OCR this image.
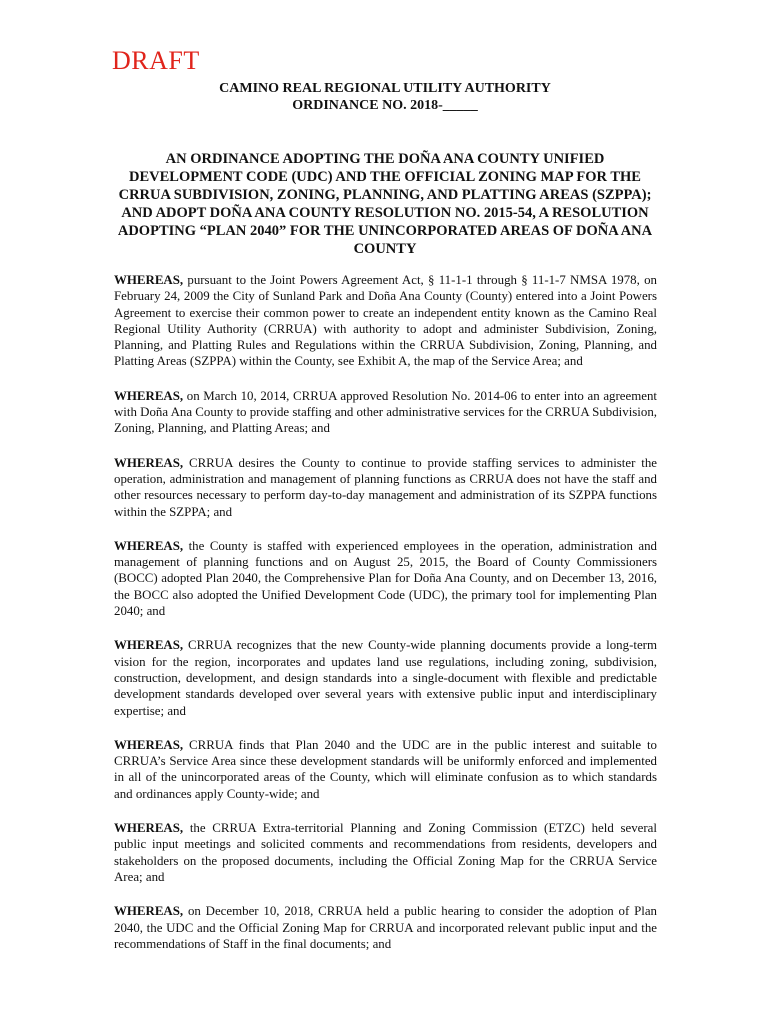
DRAFT
CAMINO REAL REGIONAL UTILITY AUTHORITY
ORDINANCE NO. 2018-_____
AN ORDINANCE ADOPTING THE DOÑA ANA COUNTY UNIFIED DEVELOPMENT CODE (UDC) AND THE OFFICIAL ZONING MAP FOR THE CRRUA SUBDIVISION, ZONING, PLANNING, AND PLATTING AREAS (SZPPA); AND ADOPT DOÑA ANA COUNTY RESOLUTION NO. 2015-54, A RESOLUTION ADOPTING “PLAN 2040” FOR THE UNINCORPORATED AREAS OF DOÑA ANA COUNTY

WHEREAS, pursuant to the Joint Powers Agreement Act, § 11-1-1 through § 11-1-7 NMSA 1978, on February 24, 2009 the City of Sunland Park and Doña Ana County (County) entered into a Joint Powers Agreement to exercise their common power to create an independent entity known as the Camino Real Regional Utility Authority (CRRUA) with authority to adopt and administer Subdivision, Zoning, Planning, and Platting Rules and Regulations within the CRRUA Subdivision, Zoning, Planning, and Platting Areas (SZPPA) within the County, see Exhibit A, the map of the Service Area; and

WHEREAS, on March 10, 2014, CRRUA approved Resolution No. 2014-06 to enter into an agreement with Doña Ana County to provide staffing and other administrative services for the CRRUA Subdivision, Zoning, Planning, and Platting Areas; and

WHEREAS, CRRUA desires the County to continue to provide staffing services to administer the operation, administration and management of planning functions as CRRUA does not have the staff and other resources necessary to perform day-to-day management and administration of its SZPPA functions within the SZPPA; and

WHEREAS, the County is staffed with experienced employees in the operation, administration and management of planning functions and on August 25, 2015, the Board of County Commissioners (BOCC) adopted Plan 2040, the Comprehensive Plan for Doña Ana County, and on December 13, 2016, the BOCC also adopted the Unified Development Code (UDC), the primary tool for implementing Plan 2040; and

WHEREAS, CRRUA recognizes that the new County-wide planning documents provide a long-term vision for the region, incorporates and updates land use regulations, including zoning, subdivision, construction, development, and design standards into a single-document with flexible and predictable development standards developed over several years with extensive public input and interdisciplinary expertise; and

WHEREAS, CRRUA finds that Plan 2040 and the UDC are in the public interest and suitable to CRRUA’s Service Area since these development standards will be uniformly enforced and implemented in all of the unincorporated areas of the County, which will eliminate confusion as to which standards and ordinances apply County-wide; and

WHEREAS, the CRRUA Extra-territorial Planning and Zoning Commission (ETZC) held several public input meetings and solicited comments and recommendations from residents, developers and stakeholders on the proposed documents, including the Official Zoning Map for the CRRUA Service Area; and

WHEREAS, on December 10, 2018, CRRUA held a public hearing to consider the adoption of Plan 2040, the UDC and the Official Zoning Map for CRRUA and incorporated relevant public input and the recommendations of Staff in the final documents; and
